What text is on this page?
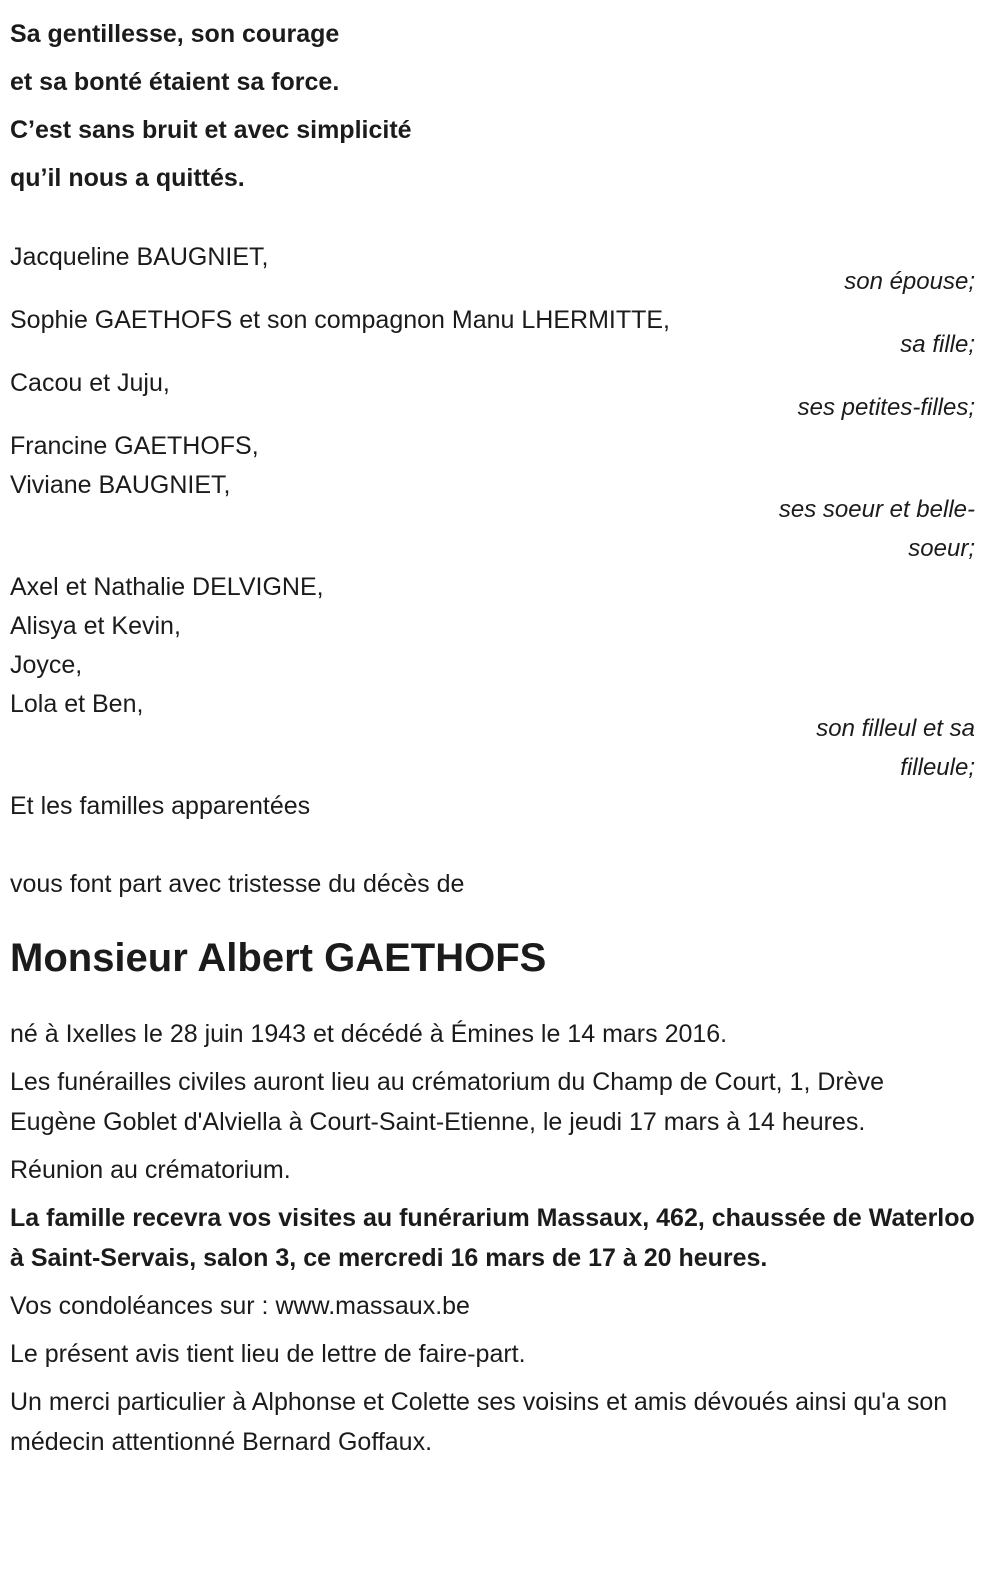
Sa gentillesse, son courage
et sa bonté étaient sa force.
C’est sans bruit et avec simplicité
qu’il nous a quittés.
Jacqueline BAUGNIET,
son épouse;
Sophie GAETHOFS et son compagnon Manu LHERMITTE,
sa fille;
Cacou et Juju,
ses petites-filles;
Francine GAETHOFS,
Viviane BAUGNIET,
ses soeur et belle-
soeur;
Axel et Nathalie DELVIGNE,
Alisya et Kevin,
Joyce,
Lola et Ben,
son filleul et sa
filleule;
Et les familles apparentées
vous font part avec tristesse du décès de
Monsieur Albert GAETHOFS
né à Ixelles le 28 juin 1943 et décédé à Émines le 14 mars 2016.
Les funérailles civiles auront lieu au crématorium du Champ de Court, 1, Drève Eugène Goblet d'Alviella à Court-Saint-Etienne, le jeudi 17 mars à 14 heures.
Réunion au crématorium.
La famille recevra vos visites au funérarium Massaux, 462, chaussée de Waterloo à Saint-Servais, salon 3, ce mercredi 16 mars de 17 à 20 heures.
Vos condoléances sur : www.massaux.be
Le présent avis tient lieu de lettre de faire-part.
Un merci particulier à Alphonse et Colette ses voisins et amis dévoués ainsi qu'a son médecin attentionné Bernard Goffaux.
